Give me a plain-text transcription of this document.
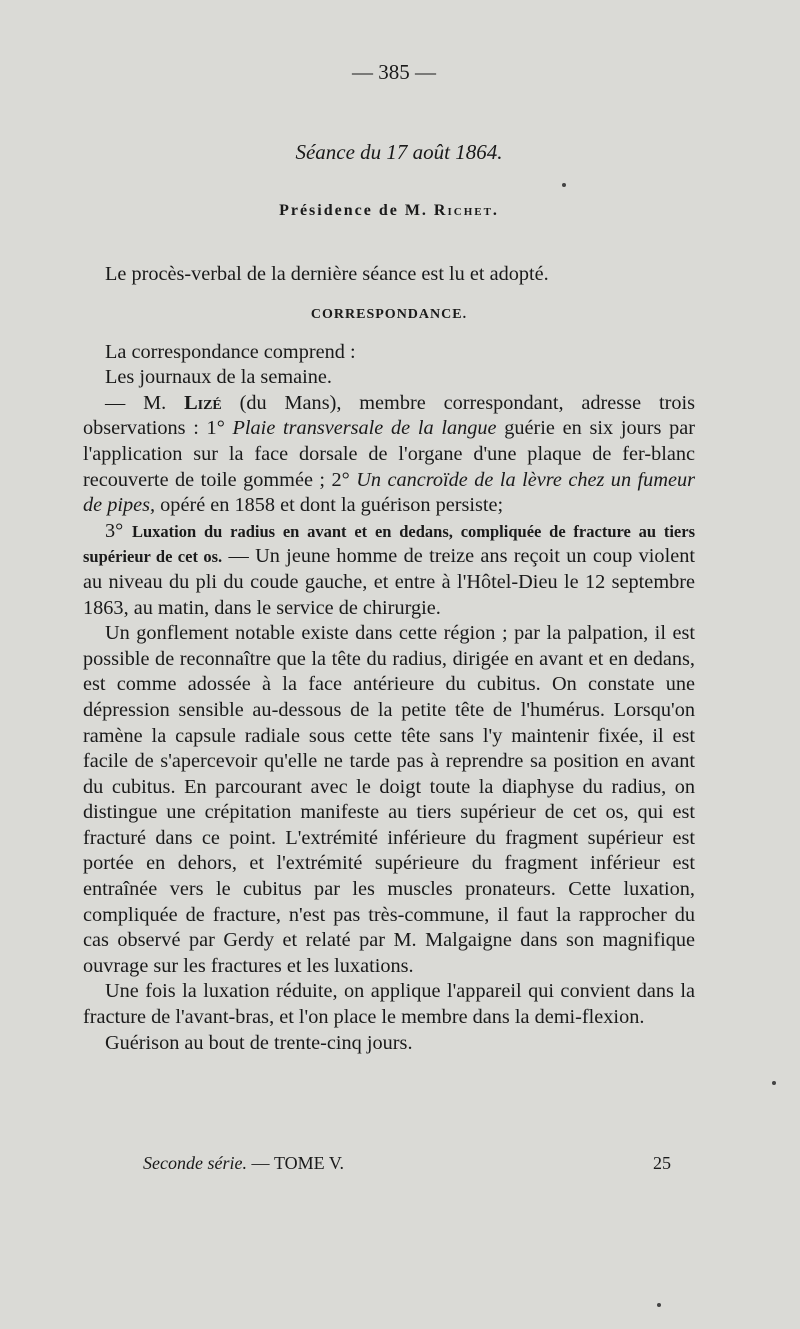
— 385 —
Séance du 17 août 1864.
Présidence de M. Richet.

Le procès-verbal de la dernière séance est lu et adopté.

CORRESPONDANCE.

La correspondance comprend :

Les journaux de la semaine.

— M. Lizé (du Mans), membre correspondant, adresse trois observations : 1° Plaie transversale de la langue guérie en six jours par l'application sur la face dorsale de l'organe d'une plaque de fer-blanc recouverte de toile gommée ; 2° Un cancroïde de la lèvre chez un fumeur de pipes, opéré en 1858 et dont la guérison persiste;

3° Luxation du radius en avant et en dedans, compliquée de fracture au tiers supérieur de cet os. — Un jeune homme de treize ans reçoit un coup violent au niveau du pli du coude gauche, et entre à l'Hôtel-Dieu le 12 septembre 1863, au matin, dans le service de chirurgie.

Un gonflement notable existe dans cette région ; par la palpation, il est possible de reconnaître que la tête du radius, dirigée en avant et en dedans, est comme adossée à la face antérieure du cubitus. On constate une dépression sensible au-dessous de la petite tête de l'humérus. Lorsqu'on ramène la capsule radiale sous cette tête sans l'y maintenir fixée, il est facile de s'apercevoir qu'elle ne tarde pas à reprendre sa position en avant du cubitus. En parcourant avec le doigt toute la diaphyse du radius, on distingue une crépitation manifeste au tiers supérieur de cet os, qui est fracturé dans ce point. L'extrémité inférieure du fragment supérieur est portée en dehors, et l'extrémité supérieure du fragment inférieur est entraînée vers le cubitus par les muscles pronateurs. Cette luxation, compliquée de fracture, n'est pas très-commune, il faut la rapprocher du cas observé par Gerdy et relaté par M. Malgaigne dans son magnifique ouvrage sur les fractures et les luxations.

Une fois la luxation réduite, on applique l'appareil qui convient dans la fracture de l'avant-bras, et l'on place le membre dans la demi-flexion.

Guérison au bout de trente-cinq jours.

Seconde série. — TOME V.	25
